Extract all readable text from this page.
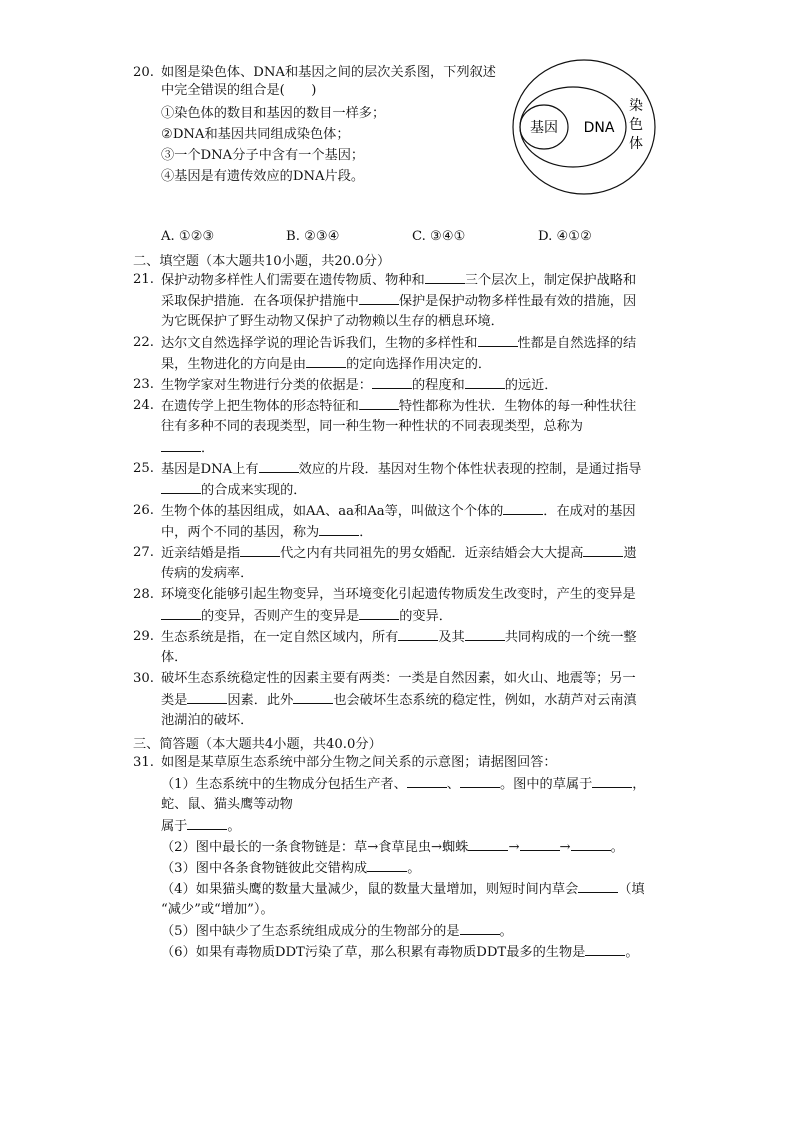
20. 如图是染色体、DNA和基因之间的层次关系图，下列叙述
中完全错误的组合是(　　)
①染色体的数目和基因的数目一样多；
②DNA和基因共同组成染色体；
③一个DNA分子中含有一个基因；
④基因是有遗传效应的DNA片段。
基因 DNA
染
色
体
A. ①②③	B. ②③④	C. ③④①	D. ④①②
二、填空题（本大题共10小题，共20.0分）
21. 保护动物多样性人们需要在遗传物质、物种和	三个层次上，制定保护战略和
采取保护措施．在各项保护措施中	保护是保护动物多样性最有效的措施，因
为它既保护了野生动物又保护了动物赖以生存的栖息环境．
22. 达尔文自然选择学说的理论告诉我们，生物的多样性和	性都是自然选择的结
果，生物进化的方向是由	的定向选择作用决定的．
23. 生物学家对生物进行分类的依据是：	的程度和	的远近．
24. 在遗传学上把生物体的形态特征和	特性都称为性状．生物体的每一种性状往
往有多种不同的表现类型，同一种生物一种性状的不同表现类型，总称为
．
25. 基因是DNA上有	效应的片段．基因对生物个体性状表现的控制，是通过指导
的合成来实现的．
26. 生物个体的基因组成，如AA、aa和Aa等，叫做这个个体的	．在成对的基因
中，两个不同的基因，称为	．
27. 近亲结婚是指	代之内有共同祖先的男女婚配．近亲结婚会大大提高	遗
传病的发病率．
28. 环境变化能够引起生物变异，当环境变化引起遗传物质发生改变时，产生的变异是
的变异，否则产生的变异是	的变异．
29. 生态系统是指，在一定自然区域内，所有	及其	共同构成的一个统一整
体．
30. 破坏生态系统稳定性的因素主要有两类：一类是自然因素，如火山、地震等；另一
类是	因素．此外	也会破坏生态系统的稳定性，例如，水葫芦对云南滇
池湖泊的破坏．
三、简答题（本大题共4小题，共40.0分）
31. 如图是某草原生态系统中部分生物之间关系的示意图；请据图回答：
（1）生态系统中的生物成分包括生产者、	、	。图中的草属于	，
蛇、鼠、猫头鹰等动物
属于	。
（2）图中最长的一条食物链是：草→食草昆虫→蜘蛛	→	→	。
（3）图中各条食物链彼此交错构成	。
（4）如果猫头鹰的数量大量减少，鼠的数量大量增加，则短时间内草会	（填
“减少”或“增加”）。
（5）图中缺少了生态系统组成成分的生物部分的是	。
（6）如果有毒物质DDT污染了草，那么积累有毒物质DDT最多的生物是	。
